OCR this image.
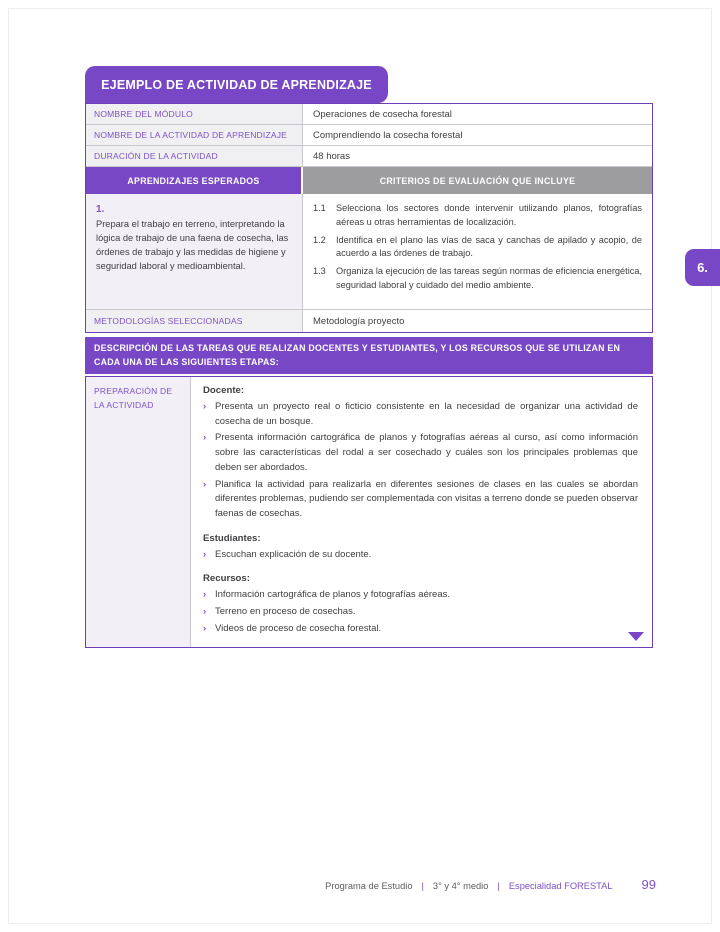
EJEMPLO DE ACTIVIDAD DE APRENDIZAJE
NOMBRE DEL MÓDULO	Operaciones de cosecha forestal
NOMBRE DE LA ACTIVIDAD DE APRENDIZAJE	Comprendiendo la cosecha forestal
DURACIÓN DE LA ACTIVIDAD	48 horas
APRENDIZAJES ESPERADOS	CRITERIOS DE EVALUACIÓN QUE INCLUYE
1.
Prepara el trabajo en terreno, interpretando la lógica de trabajo de una faena de cosecha, las órdenes de trabajo y las medidas de higiene y seguridad laboral y medioambiental.
1.1	Selecciona los sectores donde intervenir utilizando planos, fotografías aéreas u otras herramientas de localización.
1.2	Identifica en el plano las vías de saca y canchas de apilado y acopio, de acuerdo a las órdenes de trabajo.
1.3	Organiza la ejecución de las tareas según normas de eficiencia energética, seguridad laboral y cuidado del medio ambiente.
METODOLOGÍAS SELECCIONADAS	Metodología proyecto
DESCRIPCIÓN DE LAS TAREAS QUE REALIZAN DOCENTES Y ESTUDIANTES, Y LOS RECURSOS QUE SE UTILIZAN EN CADA UNA DE LAS SIGUIENTES ETAPAS:
PREPARACIÓN DE LA ACTIVIDAD
Docente:
› Presenta un proyecto real o ficticio consistente en la necesidad de organizar una actividad de cosecha de un bosque.
› Presenta información cartográfica de planos y fotografías aéreas al curso, así como información sobre las características del rodal a ser cosechado y cuáles son los principales problemas que deben ser abordados.
› Planifica la actividad para realizarla en diferentes sesiones de clases en las cuales se abordan diferentes problemas, pudiendo ser complementada con visitas a terreno donde se pueden observar faenas de cosechas.
Estudiantes:
› Escuchan explicación de su docente.
Recursos:
› Información cartográfica de planos y fotografías aéreas.
› Terreno en proceso de cosechas.
› Videos de proceso de cosecha forestal.
6.
Programa de Estudio | 3° y 4° medio | Especialidad FORESTAL 99
